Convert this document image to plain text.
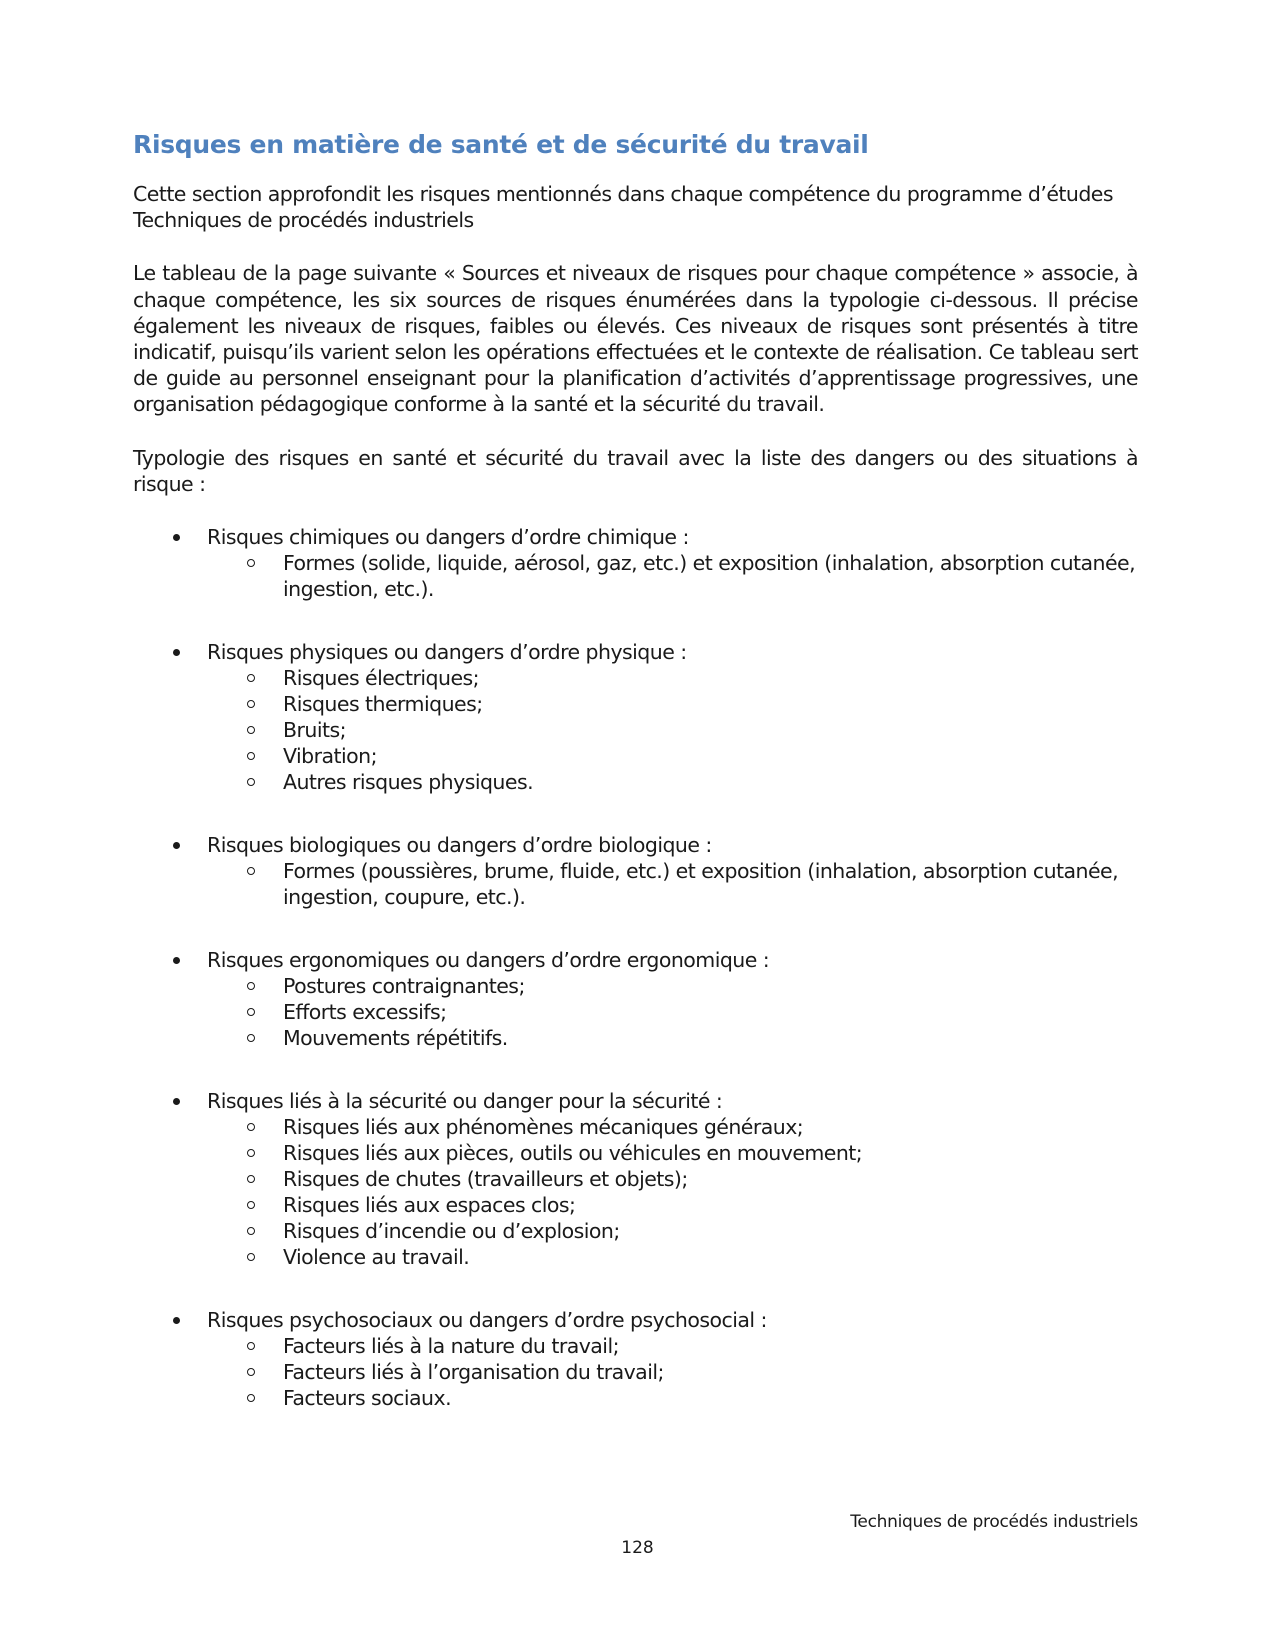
Risques en matière de santé et de sécurité du travail

Cette section approfondit les risques mentionnés dans chaque compétence du programme d’études Techniques de procédés industriels

Le tableau de la page suivante « Sources et niveaux de risques pour chaque compétence » associe, à chaque compétence, les six sources de risques énumérées dans la typologie ci-dessous. Il précise également les niveaux de risques, faibles ou élevés. Ces niveaux de risques sont présentés à titre indicatif, puisqu’ils varient selon les opérations effectuées et le contexte de réalisation. Ce tableau sert de guide au personnel enseignant pour la planification d’activités d’apprentissage progressives, une organisation pédagogique conforme à la santé et la sécurité du travail.

Typologie des risques en santé et sécurité du travail avec la liste des dangers ou des situations à risque :

Risques chimiques ou dangers d’ordre chimique :
Formes (solide, liquide, aérosol, gaz, etc.) et exposition (inhalation, absorption cutanée, ingestion, etc.).
Risques physiques ou dangers d’ordre physique :
Risques électriques;
Risques thermiques;
Bruits;
Vibration;
Autres risques physiques.
Risques biologiques ou dangers d’ordre biologique :
Formes (poussières, brume, fluide, etc.) et exposition (inhalation, absorption cutanée, ingestion, coupure, etc.).
Risques ergonomiques ou dangers d’ordre ergonomique :
Postures contraignantes;
Efforts excessifs;
Mouvements répétitifs.
Risques liés à la sécurité ou danger pour la sécurité :
Risques liés aux phénomènes mécaniques généraux;
Risques liés aux pièces, outils ou véhicules en mouvement;
Risques de chutes (travailleurs et objets);
Risques liés aux espaces clos;
Risques d’incendie ou d’explosion;
Violence au travail.
Risques psychosociaux ou dangers d’ordre psychosocial :
Facteurs liés à la nature du travail;
Facteurs liés à l’organisation du travail;
Facteurs sociaux.
Techniques de procédés industriels
128
